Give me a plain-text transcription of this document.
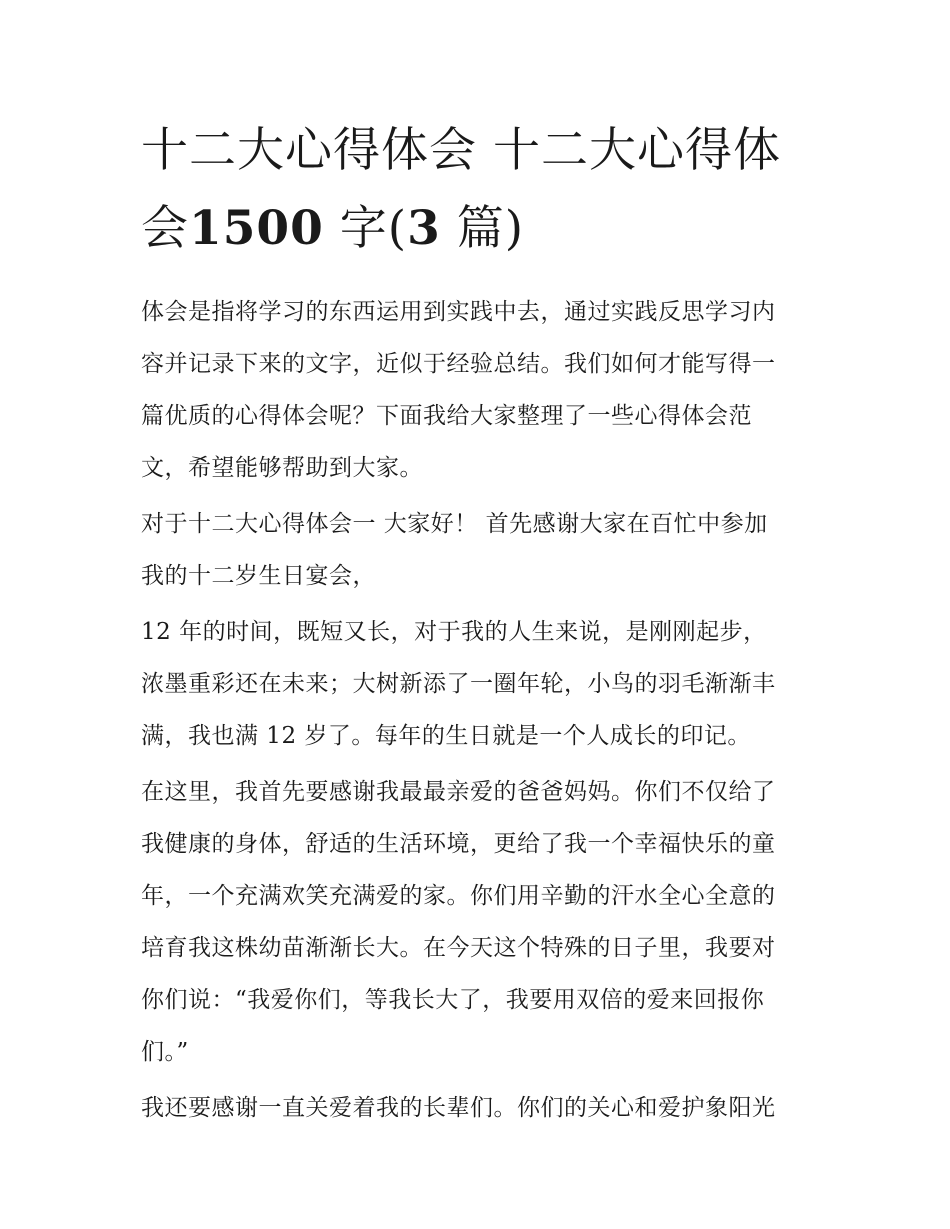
十二大心得体会 十二大心得体
会1500 字(3 篇)
体会是指将学习的东西运用到实践中去，通过实践反思学习内
容并记录下来的文字，近似于经验总结。我们如何才能写得一
篇优质的心得体会呢？下面我给大家整理了一些心得体会范
文，希望能够帮助到大家。
对于十二大心得体会一 大家好！ 首先感谢大家在百忙中参加
我的十二岁生日宴会，
12 年的时间，既短又长，对于我的人生来说，是刚刚起步，
浓墨重彩还在未来；大树新添了一圈年轮，小鸟的羽毛渐渐丰
满，我也满 12 岁了。每年的生日就是一个人成长的印记。
在这里，我首先要感谢我最最亲爱的爸爸妈妈。你们不仅给了
我健康的身体，舒适的生活环境，更给了我一个幸福快乐的童
年，一个充满欢笑充满爱的家。你们用辛勤的汗水全心全意的
培育我这株幼苗渐渐长大。在今天这个特殊的日子里，我要对
你们说：“我爱你们，等我长大了，我要用双倍的爱来回报你
们。”
我还要感谢一直关爱着我的长辈们。你们的关心和爱护象阳光
